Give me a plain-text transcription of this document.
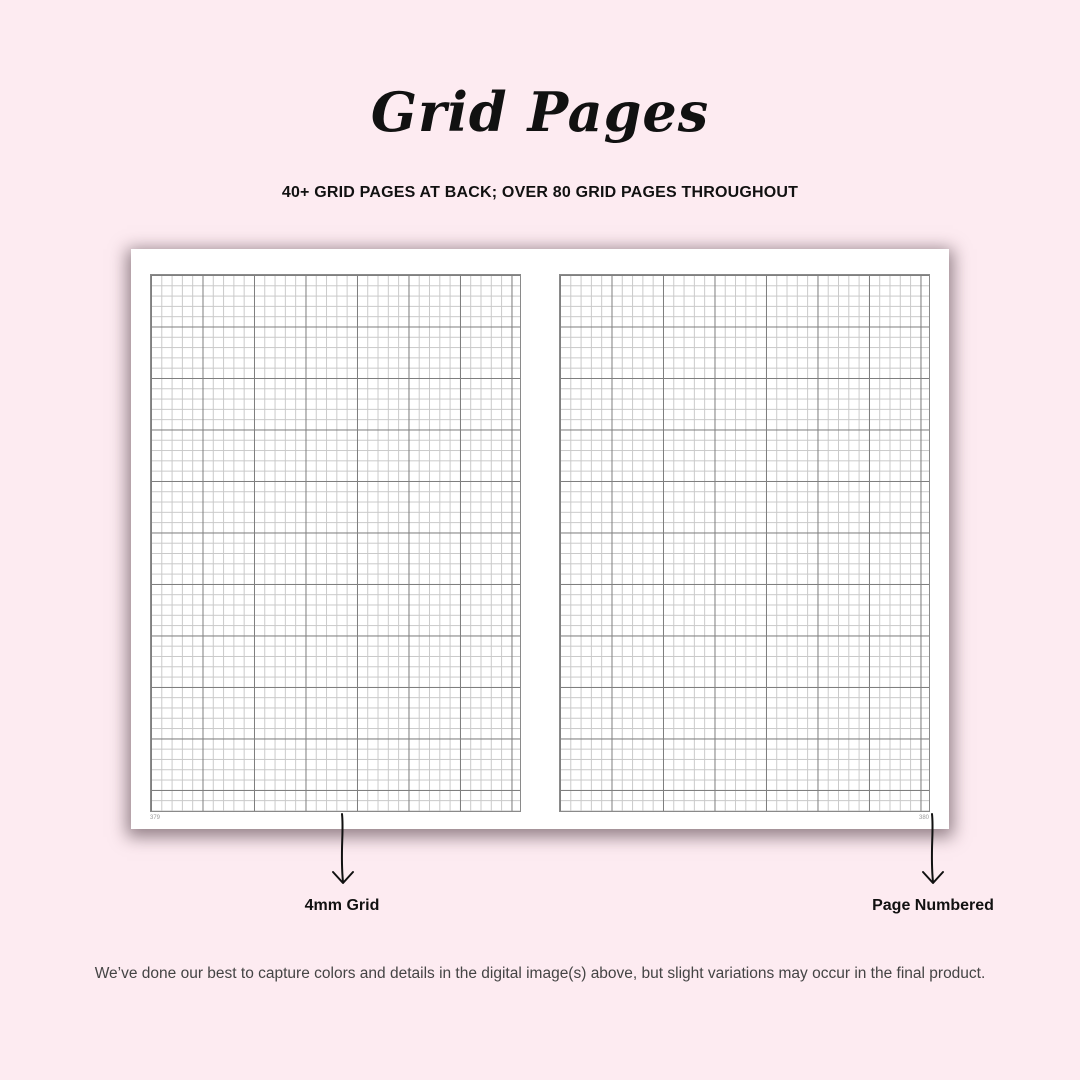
Grid Pages
40+ GRID PAGES AT BACK; OVER 80 GRID PAGES THROUGHOUT
379	380
4mm Grid	Page Numbered
We’ve done our best to capture colors and details in the digital image(s) above, but slight variations may occur in the final product.
